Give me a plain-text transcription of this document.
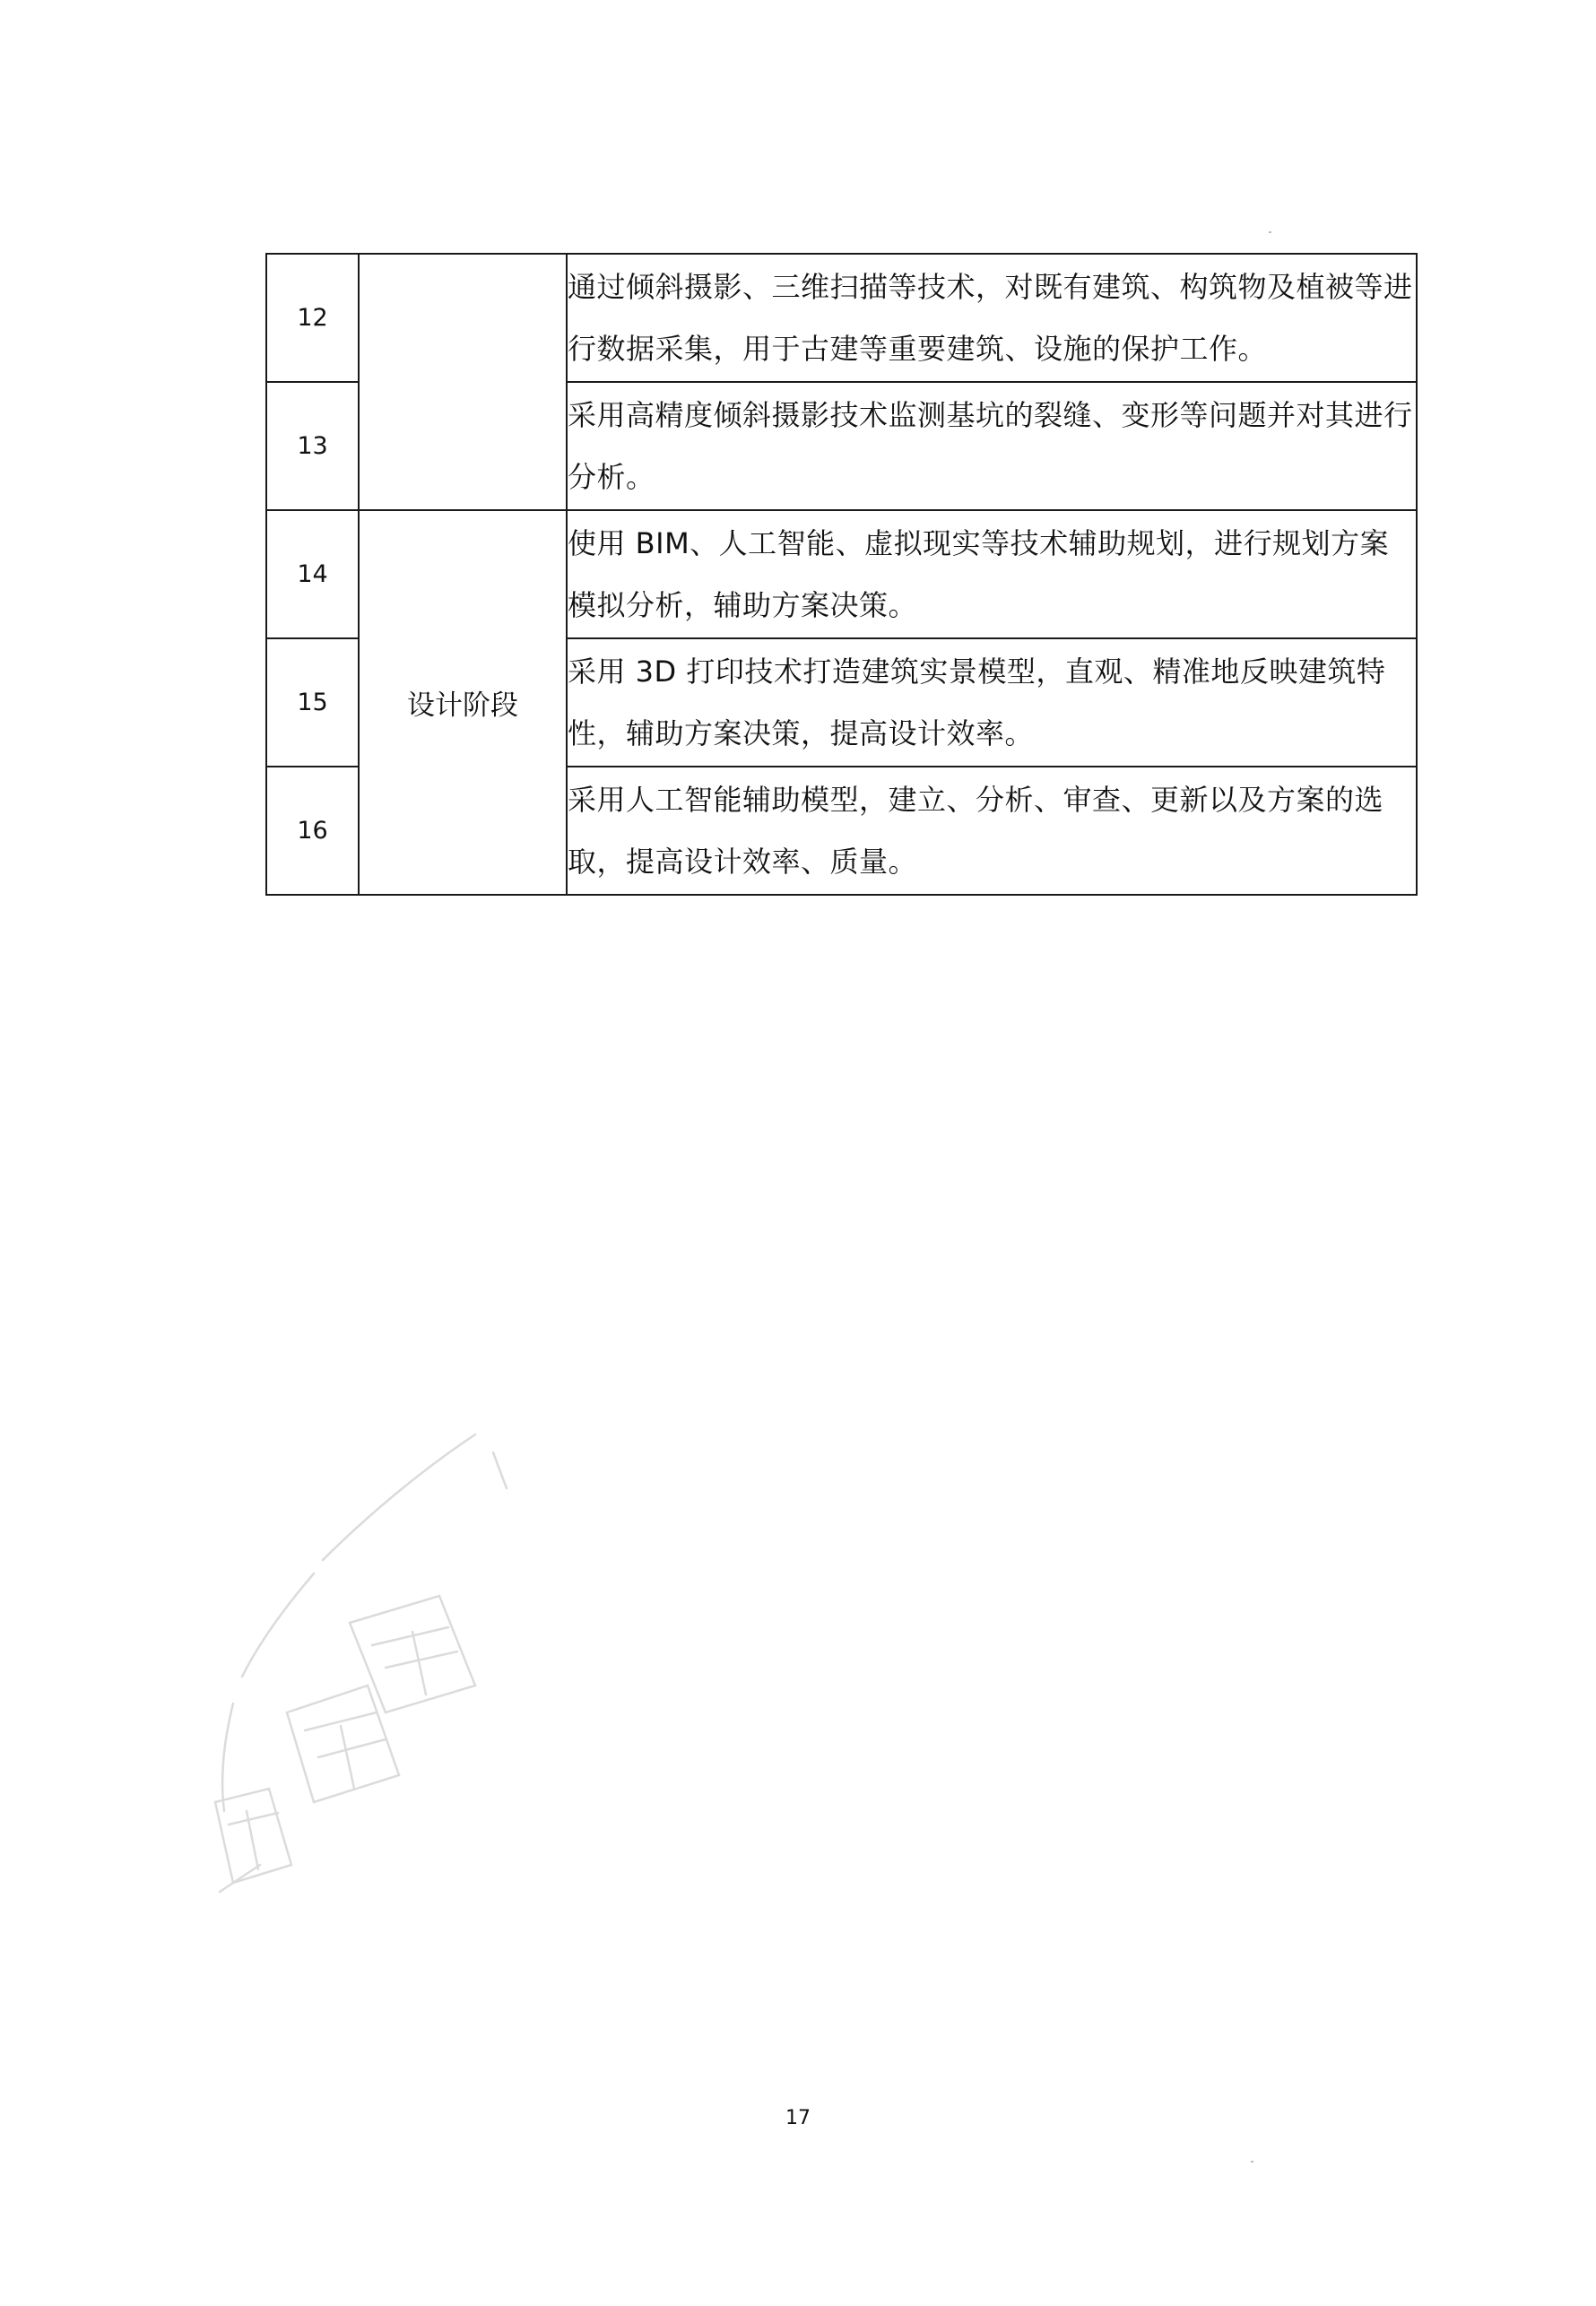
12		通过倾斜摄影、三维扫描等技术，对既有建筑、构筑物及植被等进行数据采集，用于古建等重要建筑、设施的保护工作。
13		采用高精度倾斜摄影技术监测基坑的裂缝、变形等问题并对其进行分析。
14	设计阶段	使用 BIM、人工智能、虚拟现实等技术辅助规划，进行规划方案模拟分析，辅助方案决策。
15		采用 3D 打印技术打造建筑实景模型，直观、精准地反映建筑特性，辅助方案决策，提高设计效率。
16		采用人工智能辅助模型，建立、分析、审查、更新以及方案的选取，提高设计效率、质量。
17
